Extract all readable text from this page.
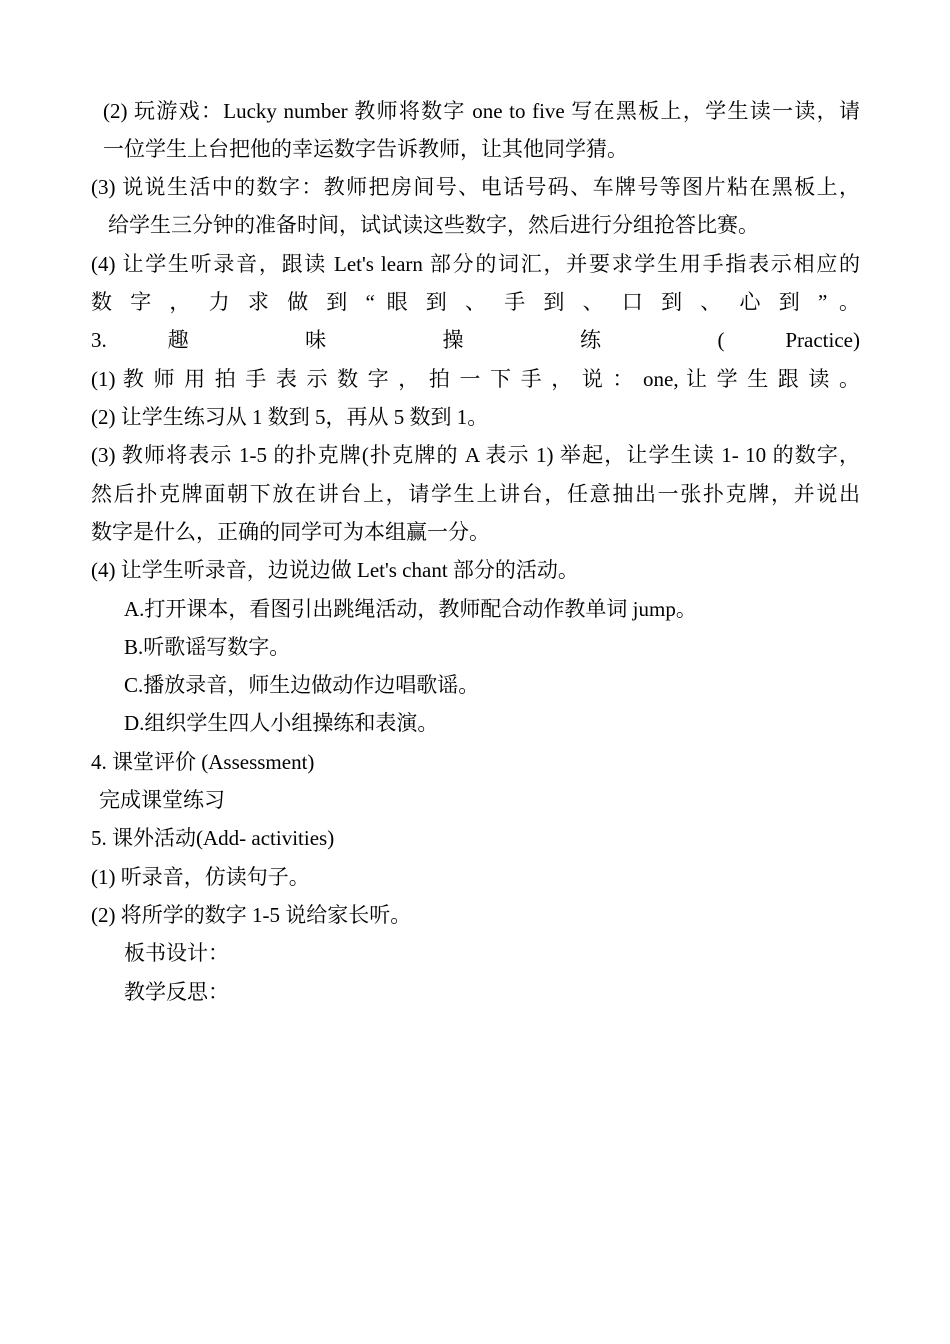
(2) 玩游戏：Lucky number 教师将数字 one to five 写在黑板上，学生读一读，请
一位学生上台把他的幸运数字告诉教师，让其他同学猜。
(3) 说说生活中的数字：教师把房间号、电话号码、车牌号等图片粘在黑板上，
给学生三分钟的准备时间，试试读这些数字，然后进行分组抢答比赛。
(4) 让学生听录音，跟读 Let's learn 部分的词汇，并要求学生用手指表示相应的
数 字 ， 力 求 做 到 “ 眼 到 、 手 到 、 口 到 、 心 到 ” 。
3. 趣 味 操 练 ( Practice)
(1) 教 师 用 拍 手 表 示 数 字 ， 拍 一 下 手 ， 说 ： one, 让 学 生 跟 读 。
(2) 让学生练习从 1 数到 5，再从 5 数到 1。
(3) 教师将表示 1-5 的扑克牌(扑克牌的 A 表示 1) 举起，让学生读 1- 10 的数字，
然后扑克牌面朝下放在讲台上，请学生上讲台，任意抽出一张扑克牌，并说出
数字是什么，正确的同学可为本组赢一分。
(4) 让学生听录音，边说边做 Let's chant 部分的活动。
A.打开课本，看图引出跳绳活动，教师配合动作教单词 jump。
B.听歌谣写数字。
C.播放录音，师生边做动作边唱歌谣。
D.组织学生四人小组操练和表演。
4. 课堂评价 (Assessment)
完成课堂练习
5. 课外活动(Add- activities)
(1) 听录音，仿读句子。
(2) 将所学的数字 1-5 说给家长听。
板书设计：
教学反思：
